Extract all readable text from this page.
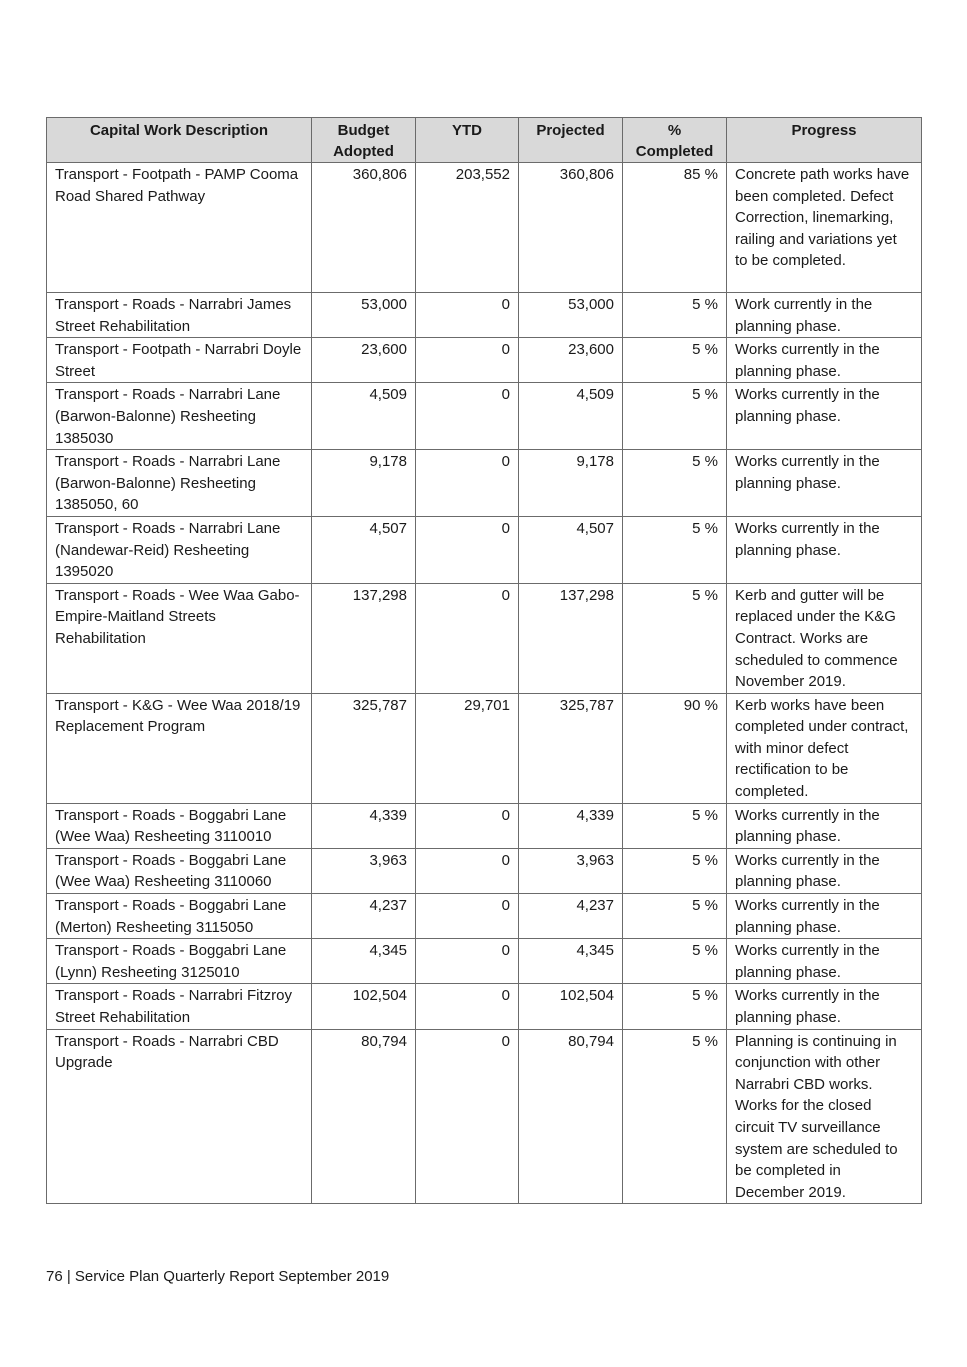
Capital Work Description	Budget Adopted	YTD	Projected	% Completed	Progress
Transport - Footpath - PAMP Cooma Road Shared Pathway	360,806	203,552	360,806	85 %	Concrete path works have been completed. Defect Correction, linemarking, railing and variations yet to be completed.
Transport - Roads - Narrabri James Street Rehabilitation	53,000	0	53,000	5 %	Work currently in the planning phase.
Transport - Footpath - Narrabri Doyle Street	23,600	0	23,600	5 %	Works currently in the planning phase.
Transport - Roads - Narrabri Lane (Barwon-Balonne) Resheeting 1385030	4,509	0	4,509	5 %	Works currently in the planning phase.
Transport - Roads - Narrabri Lane (Barwon-Balonne) Resheeting 1385050, 60	9,178	0	9,178	5 %	Works currently in the planning phase.
Transport - Roads - Narrabri Lane (Nandewar-Reid) Resheeting 1395020	4,507	0	4,507	5 %	Works currently in the planning phase.
Transport - Roads - Wee Waa Gabo-Empire-Maitland Streets Rehabilitation	137,298	0	137,298	5 %	Kerb and gutter will be replaced under the K&G Contract. Works are scheduled to commence November 2019.
Transport - K&G - Wee Waa 2018/19 Replacement Program	325,787	29,701	325,787	90 %	Kerb works have been completed under contract, with minor defect rectification to be completed.
Transport - Roads - Boggabri Lane (Wee Waa) Resheeting 3110010	4,339	0	4,339	5 %	Works currently in the planning phase.
Transport - Roads - Boggabri Lane (Wee Waa) Resheeting 3110060	3,963	0	3,963	5 %	Works currently in the planning phase.
Transport - Roads - Boggabri Lane (Merton) Resheeting 3115050	4,237	0	4,237	5 %	Works currently in the planning phase.
Transport - Roads - Boggabri Lane (Lynn) Resheeting 3125010	4,345	0	4,345	5 %	Works currently in the planning phase.
Transport - Roads - Narrabri Fitzroy Street Rehabilitation	102,504	0	102,504	5 %	Works currently in the planning phase.
Transport - Roads - Narrabri CBD Upgrade	80,794	0	80,794	5 %	Planning is continuing in conjunction with other Narrabri CBD works. Works for the closed circuit TV surveillance system are scheduled to be completed in December 2019.
76 | Service Plan Quarterly Report September 2019
